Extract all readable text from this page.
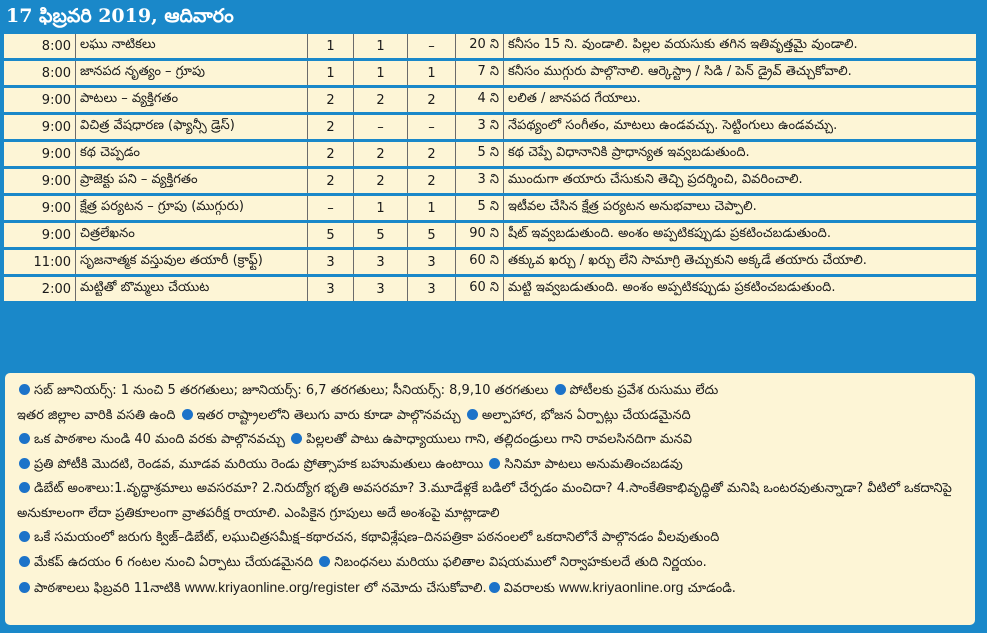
17 ఫిబ్రవరి 2019, ఆదివారం
8:00	లఘు నాటికలు	1	1	–	20 ని	కనీసం 15 ని. వుండాలి. పిల్లల వయసుకు తగిన ఇతివృత్తమై వుండాలి.
8:00	జానపద నృత్యం – గ్రూపు	1	1	1	7 ని	కనీసం ముగ్గురు పాల్గొనాలి. ఆర్కెస్ట్రా / సిడి / పెన్ డ్రైవ్ తెచ్చుకోవాలి.
9:00	పాటలు – వ్యక్తిగతం	2	2	2	4 ని	లలిత / జానపద గేయాలు.
9:00	విచిత్ర వేషధారణ (ఫ్యాన్సీ డ్రెస్)	2	–	–	3 ని	నేపథ్యంలో సంగీతం, మాటలు ఉండవచ్చు. సెట్టింగులు ఉండవచ్చు.
9:00	కథ చెప్పడం	2	2	2	5 ని	కథ చెప్పే విధానానికి ప్రాధాన్యత ఇవ్వబడుతుంది.
9:00	ప్రాజెక్టు పని – వ్యక్తిగతం	2	2	2	3 ని	ముందుగా తయారు చేసుకుని తెచ్చి ప్రదర్శించి, వివరించాలి.
9:00	క్షేత్ర పర్యటన – గ్రూపు (ముగ్గురు)	–	1	1	5 ని	ఇటీవల చేసిన క్షేత్ర పర్యటన అనుభవాలు చెప్పాలి.
9:00	చిత్రలేఖనం	5	5	5	90 ని	షీట్ ఇవ్వబడుతుంది. అంశం అప్పటికప్పుడు ప్రకటించబడుతుంది.
11:00	సృజనాత్మక వస్తువుల తయారీ (క్రాఫ్ట్)	3	3	3	60 ని	తక్కువ ఖర్చు / ఖర్చు లేని సామాగ్రి తెచ్చుకుని అక్కడే తయారు చేయాలి.
2:00	మట్టితో బొమ్మలు చేయుట	3	3	3	60 ని	మట్టి ఇవ్వబడుతుంది. అంశం అప్పటికప్పుడు ప్రకటించబడుతుంది.

సబ్ జూనియర్స్: 1 నుంచి 5 తరగతులు; జూనియర్స్: 6,7 తరగతులు; సీనియర్స్: 8,9,10 తరగతులు పోటీలకు ప్రవేశ రుసుము లేదు

ఇతర జిల్లాల వారికి వసతి ఉంది ఇతర రాష్ట్రాలలోని తెలుగు వారు కూడా పాల్గొనవచ్చు అల్పాహార, భోజన ఏర్పాట్లు చేయడమైనది

ఒక పాఠశాల నుండి 40 మంది వరకు పాల్గొనవచ్చు పిల్లలతో పాటు ఉపాధ్యాయులు గాని, తల్లిదండ్రులు గాని రావలసినదిగా మనవి

ప్రతి పోటీకి మొదటి, రెండవ, మూడవ మరియు రెండు ప్రోత్సాహక బహుమతులు ఉంటాయి సినిమా పాటలు అనుమతించబడవు

డిబేట్ అంశాలు:1.వృద్ధాశ్రమాలు అవసరమా? 2.నిరుద్యోగ భృతి అవసరమా? 3.మూడేళ్లకే బడిలో చేర్పడం మంచిదా? 4.సాంకేతికాభివృద్ధితో మనిషి ఒంటరవుతున్నాడా? వీటిలో ఒకదానిపై అనుకూలంగా లేదా ప్రతికూలంగా వ్రాతపరీక్ష రాయాలి. ఎంపికైన గ్రూపులు అదే అంశంపై మాట్లాడాలి

ఒకే సమయంలో జరుగు క్విజ్–డిబేట్, లఘుచిత్రసమీక్ష–కథారచన, కథావిశ్లేషణ–దినపత్రికా పఠనంలలో ఒకదానిలోనే పాల్గొనడం వీలవుతుంది

మేకప్ ఉదయం 6 గంటల నుంచి ఏర్పాటు చేయడమైనది నిబంధనలు మరియు ఫలితాల విషయములో నిర్వాహకులదే తుది నిర్ణయం.

పాఠశాలలు ఫిబ్రవరి 11నాటికి www.kriyaonline.org/register లో నమోదు చేసుకోవాలి. వివరాలకు www.kriyaonline.org చూడండి.
